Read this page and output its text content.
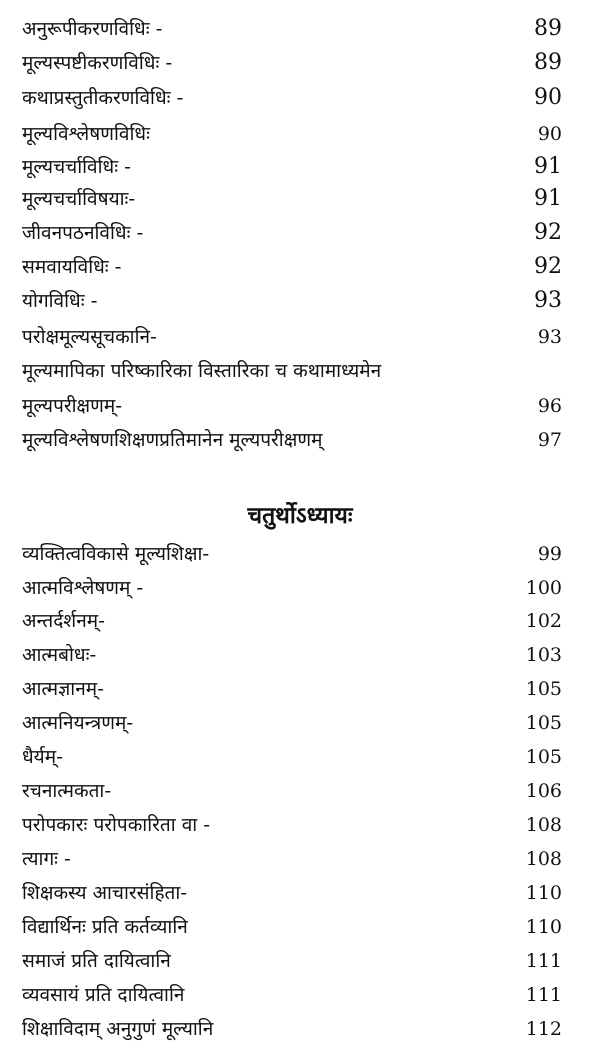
अनुरूपीकरणविधिः -	89
मूल्यस्पष्टीकरणविधिः -	89
कथाप्रस्तुतीकरणविधिः -	90
मूल्यविश्लेषणविधिः	90
मूल्यचर्चाविधिः -	91
मूल्यचर्चाविषयाः-	91
जीवनपठनविधिः -	92
समवायविधिः -	92
योगविधिः -	93
परोक्षमूल्यसूचकानि-	93
मूल्यमापिका परिष्कारिका विस्तारिका च कथामाध्यमेन
मूल्यपरीक्षणम्-	96
मूल्यविश्लेषणशिक्षणप्रतिमानेन मूल्यपरीक्षणम्	97
चतुर्थोऽध्यायः
व्यक्तित्वविकासे मूल्यशिक्षा-	99
आत्मविश्लेषणम् -	100
अन्तर्दर्शनम्-	102
आत्मबोधः-	103
आत्मज्ञानम्-	105
आत्मनियन्त्रणम्-	105
धैर्यम्-	105
रचनात्मकता-	106
परोपकारः परोपकारिता वा -	108
त्यागः -	108
शिक्षकस्य आचारसंहिता-	110
विद्यार्थिनः प्रति कर्तव्यानि	110
समाजं प्रति दायित्वानि	111
व्यवसायं प्रति दायित्वानि	111
शिक्षाविदाम् अनुगुणं मूल्यानि	112
